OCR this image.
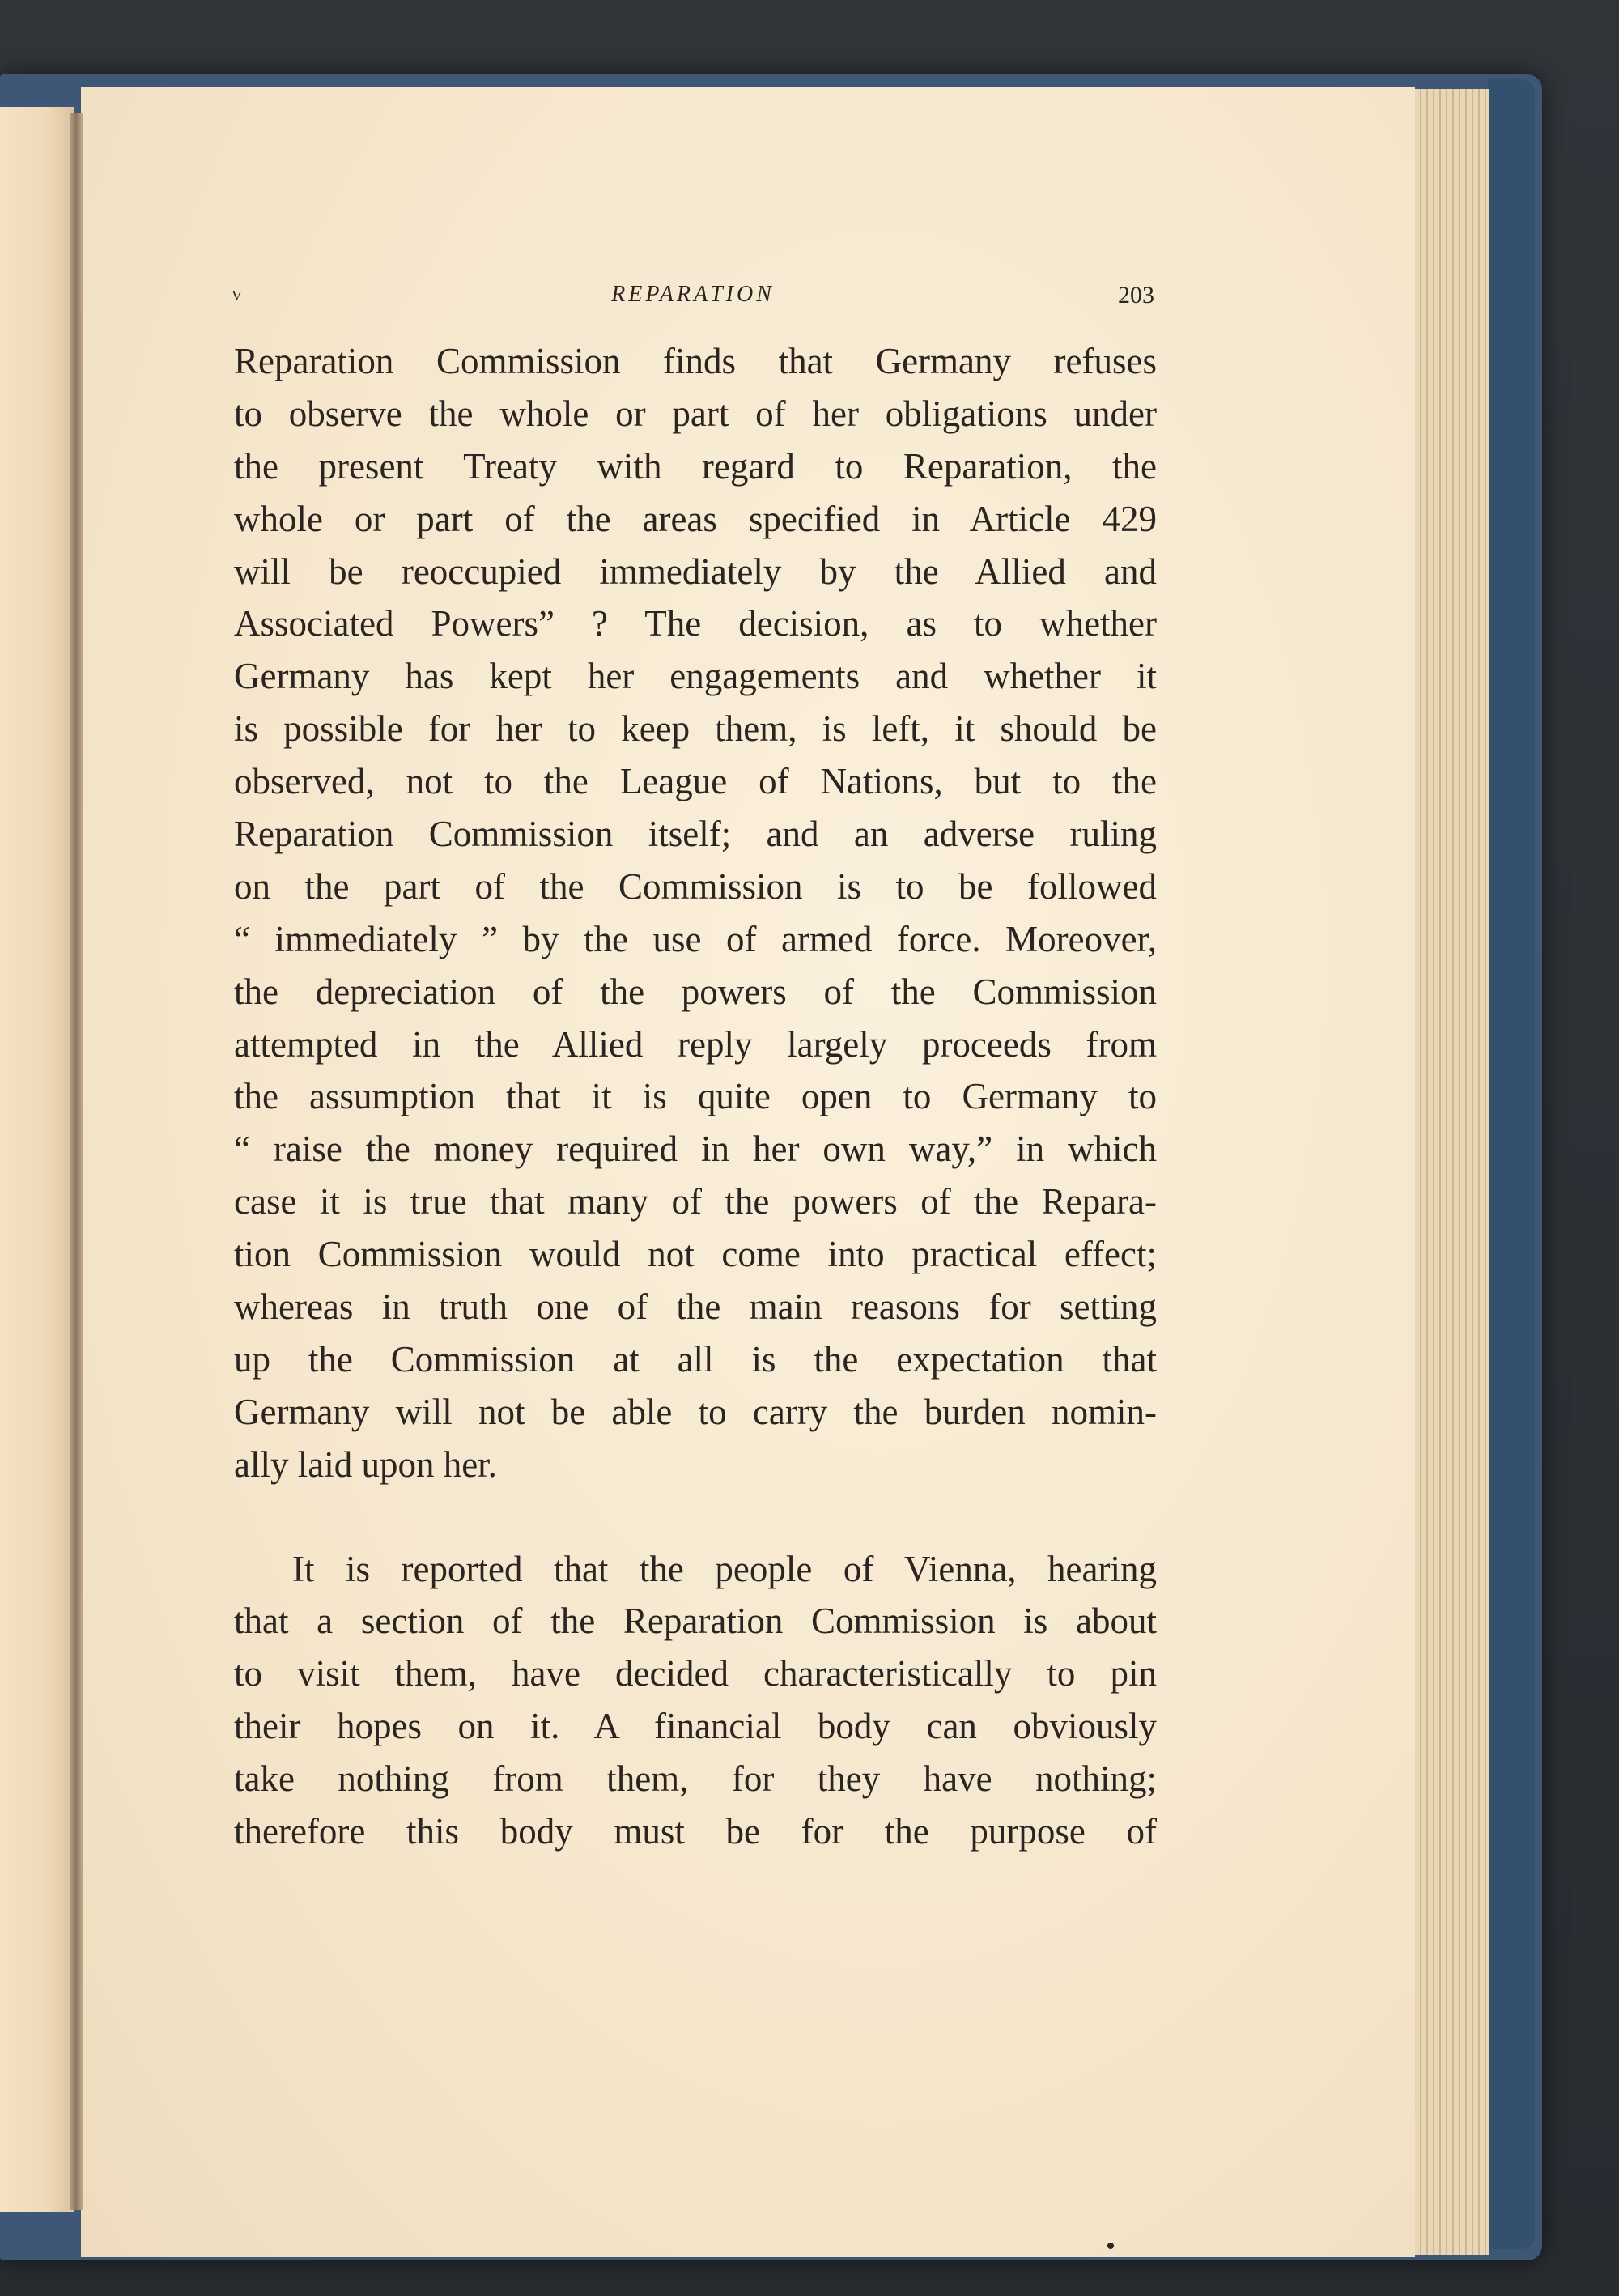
v	REPARATION	203
Reparation Commission finds that Germany refuses
to observe the whole or part of her obligations under
the present Treaty with regard to Reparation, the
whole or part of the areas specified in Article 429
will be reoccupied immediately by the Allied and
Associated Powers” ? The decision, as to whether
Germany has kept her engagements and whether it
is possible for her to keep them, is left, it should be
observed, not to the League of Nations, but to the
Reparation Commission itself; and an adverse ruling
on the part of the Commission is to be followed
“ immediately ” by the use of armed force. Moreover,
the depreciation of the powers of the Commission
attempted in the Allied reply largely proceeds from
the assumption that it is quite open to Germany to
“ raise the money required in her own way,” in which
case it is true that many of the powers of the Repara-
tion Commission would not come into practical effect;
whereas in truth one of the main reasons for setting
up the Commission at all is the expectation that
Germany will not be able to carry the burden nomin-
ally laid upon her.
It is reported that the people of Vienna, hearing
that a section of the Reparation Commission is about
to visit them, have decided characteristically to pin
their hopes on it. A financial body can obviously
take nothing from them, for they have nothing;
therefore this body must be for the purpose of
